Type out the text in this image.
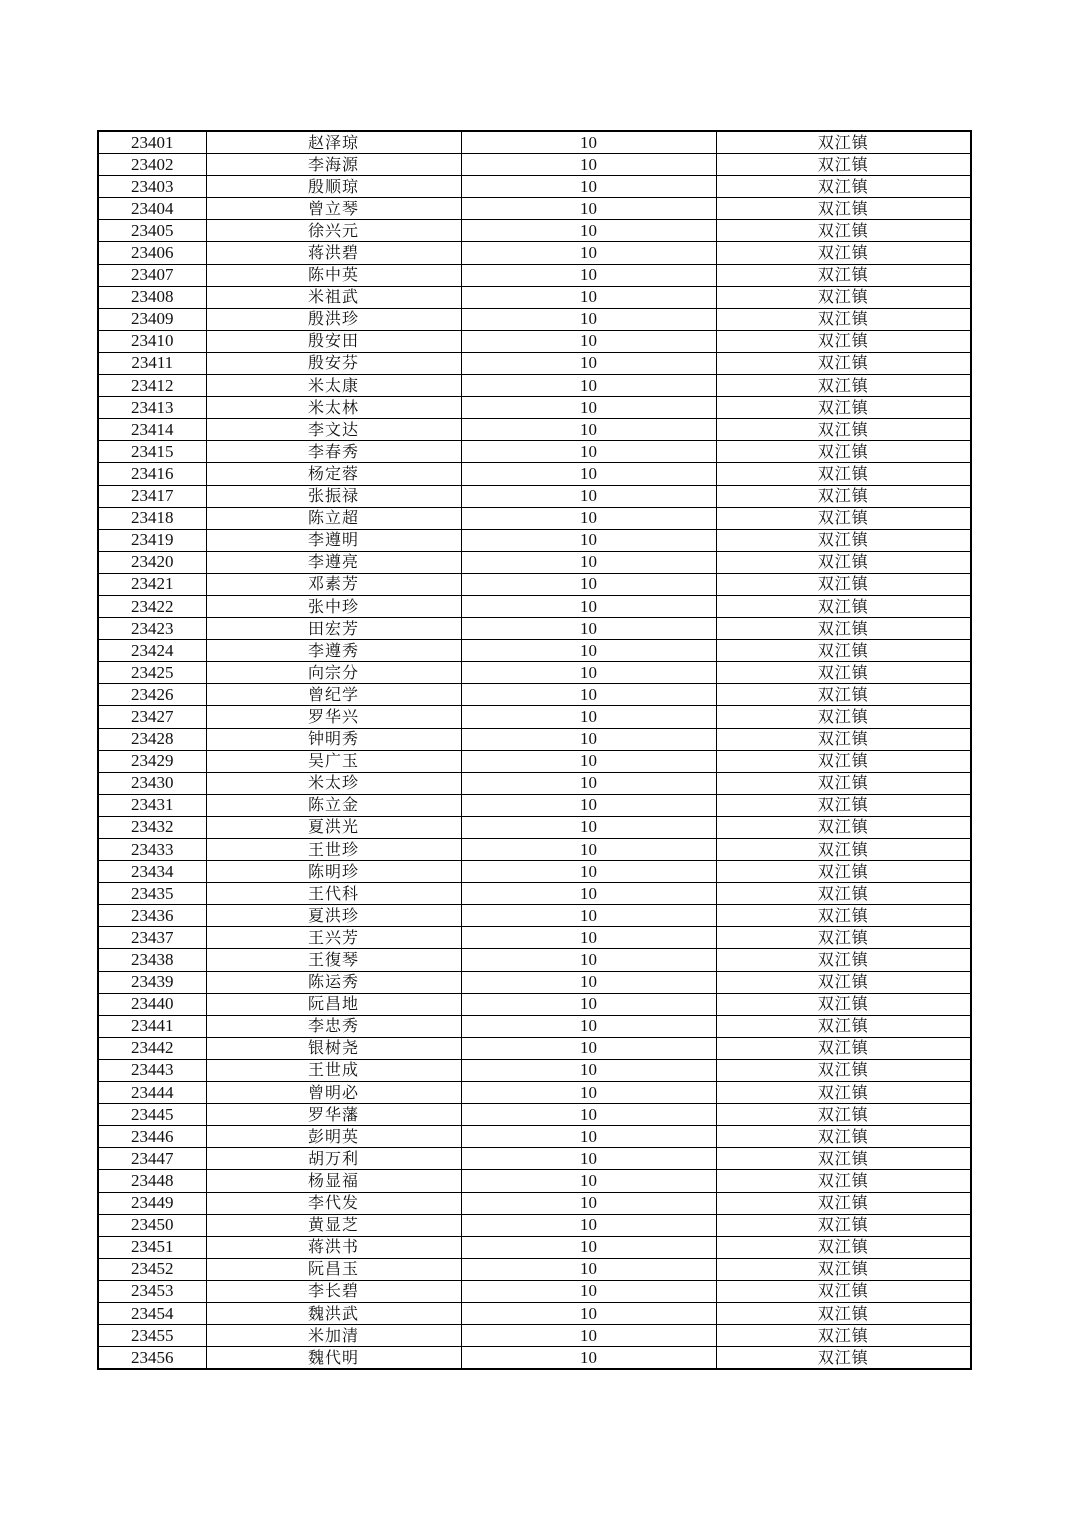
23401	赵泽琼	10	双江镇
23402	李海源	10	双江镇
23403	殷顺琼	10	双江镇
23404	曾立琴	10	双江镇
23405	徐兴元	10	双江镇
23406	蒋洪碧	10	双江镇
23407	陈中英	10	双江镇
23408	米祖武	10	双江镇
23409	殷洪珍	10	双江镇
23410	殷安田	10	双江镇
23411	殷安芬	10	双江镇
23412	米太康	10	双江镇
23413	米太林	10	双江镇
23414	李文达	10	双江镇
23415	李春秀	10	双江镇
23416	杨定蓉	10	双江镇
23417	张振禄	10	双江镇
23418	陈立超	10	双江镇
23419	李遵明	10	双江镇
23420	李遵亮	10	双江镇
23421	邓素芳	10	双江镇
23422	张中珍	10	双江镇
23423	田宏芳	10	双江镇
23424	李遵秀	10	双江镇
23425	向宗分	10	双江镇
23426	曾纪学	10	双江镇
23427	罗华兴	10	双江镇
23428	钟明秀	10	双江镇
23429	吴广玉	10	双江镇
23430	米太珍	10	双江镇
23431	陈立金	10	双江镇
23432	夏洪光	10	双江镇
23433	王世珍	10	双江镇
23434	陈明珍	10	双江镇
23435	王代科	10	双江镇
23436	夏洪珍	10	双江镇
23437	王兴芳	10	双江镇
23438	王復琴	10	双江镇
23439	陈运秀	10	双江镇
23440	阮昌地	10	双江镇
23441	李忠秀	10	双江镇
23442	银树尧	10	双江镇
23443	王世成	10	双江镇
23444	曾明必	10	双江镇
23445	罗华藩	10	双江镇
23446	彭明英	10	双江镇
23447	胡万利	10	双江镇
23448	杨显福	10	双江镇
23449	李代发	10	双江镇
23450	黄显芝	10	双江镇
23451	蒋洪书	10	双江镇
23452	阮昌玉	10	双江镇
23453	李长碧	10	双江镇
23454	魏洪武	10	双江镇
23455	米加清	10	双江镇
23456	魏代明	10	双江镇
